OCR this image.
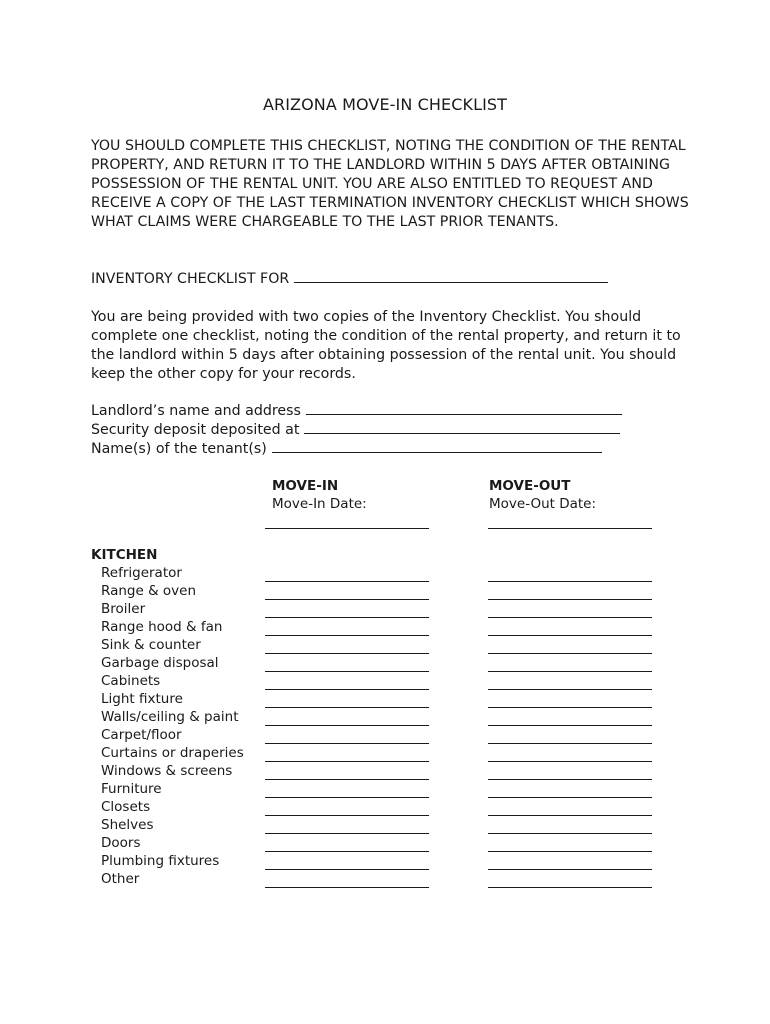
ARIZONA MOVE-IN CHECKLIST

YOU SHOULD COMPLETE THIS CHECKLIST, NOTING THE CONDITION OF THE RENTAL PROPERTY, AND RETURN IT TO THE LANDLORD WITHIN 5 DAYS AFTER OBTAINING POSSESSION OF THE RENTAL UNIT. YOU ARE ALSO ENTITLED TO REQUEST AND RECEIVE A COPY OF THE LAST TERMINATION INVENTORY CHECKLIST WHICH SHOWS WHAT CLAIMS WERE CHARGEABLE TO THE LAST PRIOR TENANTS.

INVENTORY CHECKLIST FOR

You are being provided with two copies of the Inventory Checklist. You should complete one checklist, noting the condition of the rental property, and return it to the landlord within 5 days after obtaining possession of the rental unit. You should keep the other copy for your records.

Landlord’s name and address
Security deposit deposited at
Name(s) of the tenant(s)
MOVE-IN
Move-In Date:
MOVE-OUT
Move-Out Date:
KITCHEN
Refrigerator
Range & oven
Broiler
Range hood & fan
Sink & counter
Garbage disposal
Cabinets
Light fixture
Walls/ceiling & paint
Carpet/floor
Curtains or draperies
Windows & screens
Furniture
Closets
Shelves
Doors
Plumbing fixtures
Other
